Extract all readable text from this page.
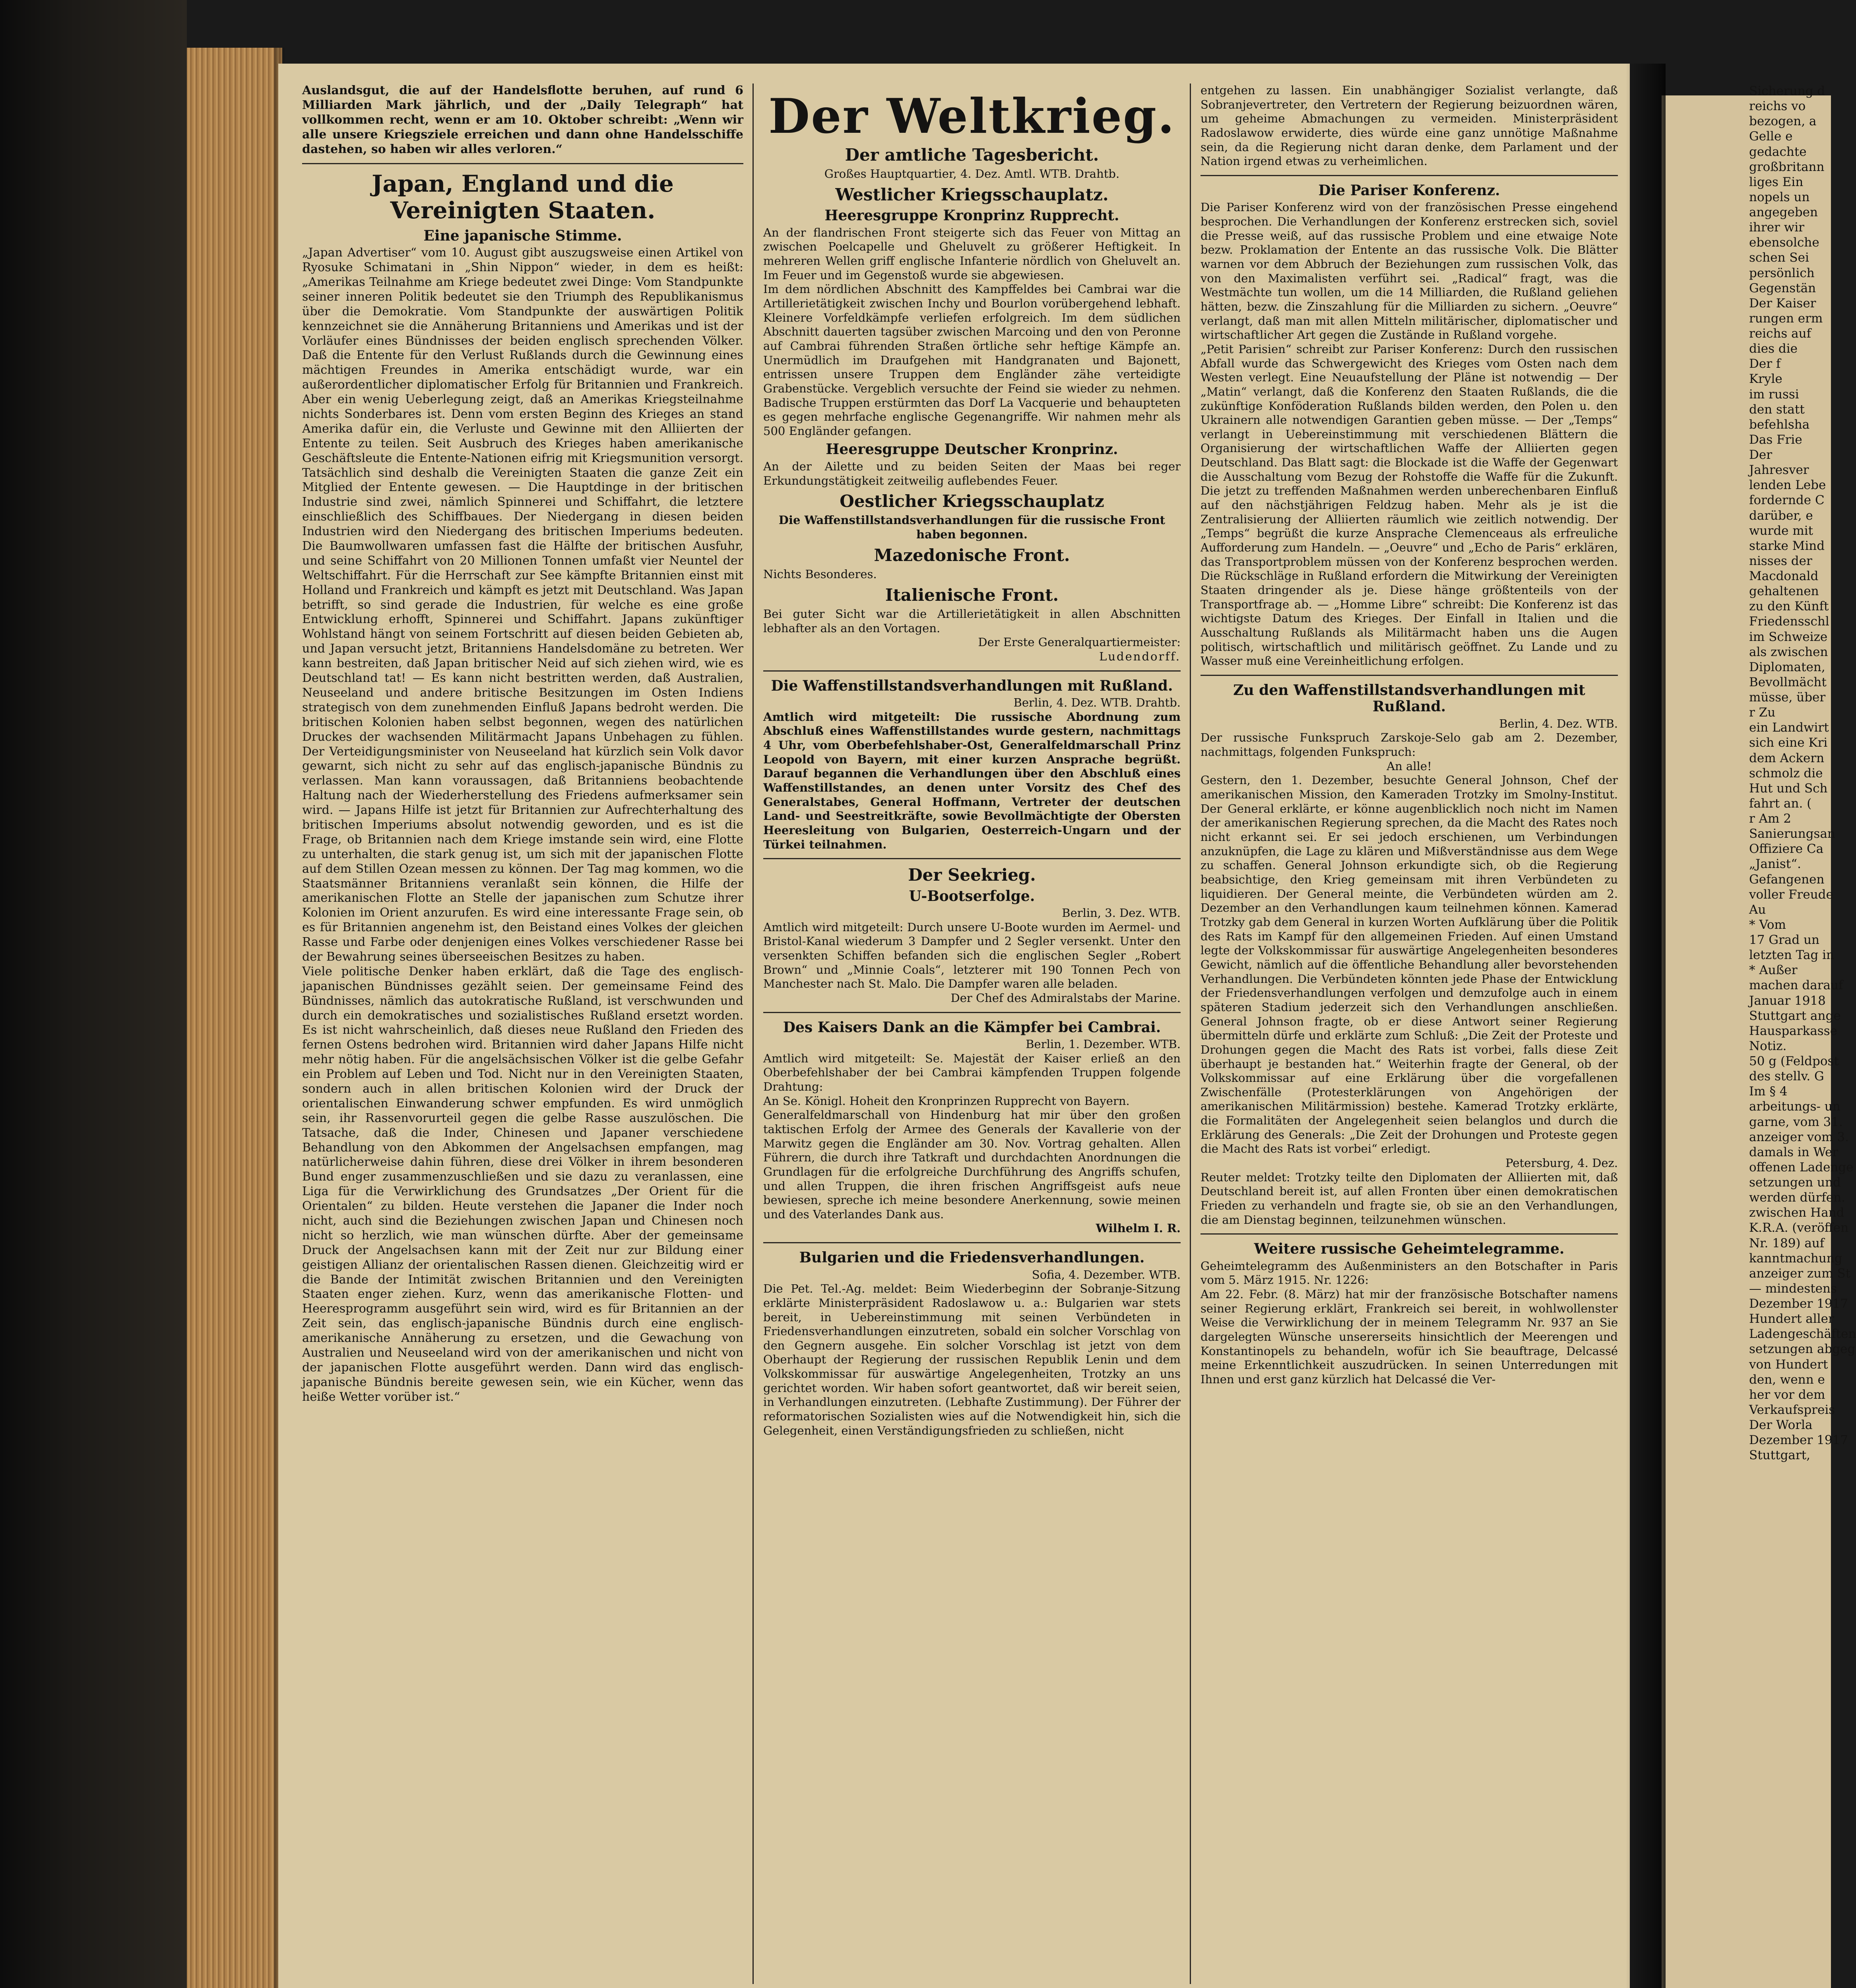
Auslandsgut, die auf der Handelsflotte beruhen, auf rund 6 Milliarden Mark jährlich, und der „Daily Telegraph“ hat vollkommen recht, wenn er am 10. Oktober schreibt: „Wenn wir alle unsere Kriegsziele erreichen und dann ohne Handelsschiffe dastehen, so haben wir alles verloren.“

Japan, England und die Vereinigten Staaten.
Eine japanische Stimme.

„Japan Advertiser“ vom 10. August gibt auszugsweise einen Artikel von Ryosuke Schimatani in „Shin Nippon“ wieder, in dem es heißt: „Amerikas Teilnahme am Kriege bedeutet zwei Dinge: Vom Standpunkte seiner inneren Politik bedeutet sie den Triumph des Republikanismus über die Demokratie. Vom Standpunkte der auswärtigen Politik kennzeichnet sie die Annäherung Britanniens und Amerikas und ist der Vorläufer eines Bündnisses der beiden englisch sprechenden Völker. Daß die Entente für den Verlust Rußlands durch die Gewinnung eines mächtigen Freundes in Amerika entschädigt wurde, war ein außerordentlicher diplomatischer Erfolg für Britannien und Frankreich. Aber ein wenig Ueberlegung zeigt, daß an Amerikas Kriegsteilnahme nichts Sonderbares ist. Denn vom ersten Beginn des Krieges an stand Amerika dafür ein, die Verluste und Gewinne mit den Alliierten der Entente zu teilen. Seit Ausbruch des Krieges haben amerikanische Geschäftsleute die Entente-Nationen eifrig mit Kriegsmunition versorgt. Tatsächlich sind deshalb die Vereinigten Staaten die ganze Zeit ein Mitglied der Entente gewesen. — Die Hauptdinge in der britischen Industrie sind zwei, nämlich Spinnerei und Schiffahrt, die letztere einschließlich des Schiffbaues. Der Niedergang in diesen beiden Industrien wird den Niedergang des britischen Imperiums bedeuten. Die Baumwollwaren umfassen fast die Hälfte der britischen Ausfuhr, und seine Schiffahrt von 20 Millionen Tonnen umfaßt vier Neuntel der Weltschiffahrt. Für die Herrschaft zur See kämpfte Britannien einst mit Holland und Frankreich und kämpft es jetzt mit Deutschland. Was Japan betrifft, so sind gerade die Industrien, für welche es eine große Entwicklung erhofft, Spinnerei und Schiffahrt. Japans zukünftiger Wohlstand hängt von seinem Fortschritt auf diesen beiden Gebieten ab, und Japan versucht jetzt, Britanniens Handelsdomäne zu betreten. Wer kann bestreiten, daß Japan britischer Neid auf sich ziehen wird, wie es Deutschland tat! — Es kann nicht bestritten werden, daß Australien, Neuseeland und andere britische Besitzungen im Osten Indiens strategisch von dem zunehmenden Einfluß Japans bedroht werden. Die britischen Kolonien haben selbst begonnen, wegen des natürlichen Druckes der wachsenden Militärmacht Japans Unbehagen zu fühlen. Der Verteidigungsminister von Neuseeland hat kürzlich sein Volk davor gewarnt, sich nicht zu sehr auf das englisch-japanische Bündnis zu verlassen. Man kann voraussagen, daß Britanniens beobachtende Haltung nach der Wiederherstellung des Friedens aufmerksamer sein wird. — Japans Hilfe ist jetzt für Britannien zur Aufrechterhaltung des britischen Imperiums absolut notwendig geworden, und es ist die Frage, ob Britannien nach dem Kriege imstande sein wird, eine Flotte zu unterhalten, die stark genug ist, um sich mit der japanischen Flotte auf dem Stillen Ozean messen zu können. Der Tag mag kommen, wo die Staatsmänner Britanniens veranlaßt sein können, die Hilfe der amerikanischen Flotte an Stelle der japanischen zum Schutze ihrer Kolonien im Orient anzurufen. Es wird eine interessante Frage sein, ob es für Britannien angenehm ist, den Beistand eines Volkes der gleichen Rasse und Farbe oder denjenigen eines Volkes verschiedener Rasse bei der Bewahrung seines überseeischen Besitzes zu haben.

Viele politische Denker haben erklärt, daß die Tage des englisch-japanischen Bündnisses gezählt seien. Der gemeinsame Feind des Bündnisses, nämlich das autokratische Rußland, ist verschwunden und durch ein demokratisches und sozialistisches Rußland ersetzt worden. Es ist nicht wahrscheinlich, daß dieses neue Rußland den Frieden des fernen Ostens bedrohen wird. Britannien wird daher Japans Hilfe nicht mehr nötig haben. Für die angelsächsischen Völker ist die gelbe Gefahr ein Problem auf Leben und Tod. Nicht nur in den Vereinigten Staaten, sondern auch in allen britischen Kolonien wird der Druck der orientalischen Einwanderung schwer empfunden. Es wird unmöglich sein, ihr Rassenvorurteil gegen die gelbe Rasse auszulöschen. Die Tatsache, daß die Inder, Chinesen und Japaner verschiedene Behandlung von den Abkommen der Angelsachsen empfangen, mag natürlicherweise dahin führen, diese drei Völker in ihrem besonderen Bund enger zusammenzuschließen und sie dazu zu veranlassen, eine Liga für die Verwirklichung des Grundsatzes „Der Orient für die Orientalen“ zu bilden. Heute verstehen die Japaner die Inder noch nicht, auch sind die Beziehungen zwischen Japan und Chinesen noch nicht so herzlich, wie man wünschen dürfte. Aber der gemeinsame Druck der Angelsachsen kann mit der Zeit nur zur Bildung einer geistigen Allianz der orientalischen Rassen dienen. Gleichzeitig wird er die Bande der Intimität zwischen Britannien und den Vereinigten Staaten enger ziehen. Kurz, wenn das amerikanische Flotten- und Heeresprogramm ausgeführt sein wird, wird es für Britannien an der Zeit sein, das englisch-japanische Bündnis durch eine englisch-amerikanische Annäherung zu ersetzen, und die Gewachung von Australien und Neuseeland wird von der amerikanischen und nicht von der japanischen Flotte ausgeführt werden. Dann wird das englisch-japanische Bündnis bereite gewesen sein, wie ein Kücher, wenn das heiße Wetter vorüber ist.“

Der Weltkrieg.
Der amtliche Tagesbericht.

Großes Hauptquartier, 4. Dez. Amtl. WTB. Drahtb.

Westlicher Kriegsschauplatz.
Heeresgruppe Kronprinz Rupprecht.

An der flandrischen Front steigerte sich das Feuer von Mittag an zwischen Poelcapelle und Gheluvelt zu größerer Heftigkeit. In mehreren Wellen griff englische Infanterie nördlich von Gheluvelt an. Im Feuer und im Gegenstoß wurde sie abgewiesen.

Im dem nördlichen Abschnitt des Kampffeldes bei Cambrai war die Artillerietätigkeit zwischen Inchy und Bourlon vorübergehend lebhaft. Kleinere Vorfeldkämpfe verliefen erfolgreich. Im dem südlichen Abschnitt dauerten tagsüber zwischen Marcoing und den von Peronne auf Cambrai führenden Straßen örtliche sehr heftige Kämpfe an. Unermüdlich im Draufgehen mit Handgranaten und Bajonett, entrissen unsere Truppen dem Engländer zähe verteidigte Grabenstücke. Vergeblich versuchte der Feind sie wieder zu nehmen. Badische Truppen erstürmten das Dorf La Vacquerie und behaupteten es gegen mehrfache englische Gegenangriffe. Wir nahmen mehr als 500 Engländer gefangen.

Heeresgruppe Deutscher Kronprinz.

An der Ailette und zu beiden Seiten der Maas bei reger Erkundungstätigkeit zeitweilig auflebendes Feuer.

Oestlicher Kriegsschauplatz

Die Waffenstillstandsverhandlungen für die russische Front haben begonnen.

Mazedonische Front.

Nichts Besonderes.

Italienische Front.

Bei guter Sicht war die Artillerietätigkeit in allen Abschnitten lebhafter als an den Vortagen.

Der Erste Generalquartiermeister:

Ludendorff.

Die Waffenstillstandsverhandlungen mit Rußland.

Berlin, 4. Dez. WTB. Drahtb.

Amtlich wird mitgeteilt: Die russische Abordnung zum Abschluß eines Waffenstillstandes wurde gestern, nachmittags 4 Uhr, vom Oberbefehlshaber-Ost, Generalfeldmarschall Prinz Leopold von Bayern, mit einer kurzen Ansprache begrüßt. Darauf begannen die Verhandlungen über den Abschluß eines Waffenstillstandes, an denen unter Vorsitz des Chef des Generalstabes, General Hoffmann, Vertreter der deutschen Land- und Seestreitkräfte, sowie Bevollmächtigte der Obersten Heeresleitung von Bulgarien, Oesterreich-Ungarn und der Türkei teilnahmen.

Der Seekrieg.
U-Bootserfolge.

Berlin, 3. Dez. WTB.

Amtlich wird mitgeteilt: Durch unsere U-Boote wurden im Aermel- und Bristol-Kanal wiederum 3 Dampfer und 2 Segler versenkt. Unter den versenkten Schiffen befanden sich die englischen Segler „Robert Brown“ und „Minnie Coals“, letzterer mit 190 Tonnen Pech von Manchester nach St. Malo. Die Dampfer waren alle beladen.

Der Chef des Admiralstabs der Marine.

Des Kaisers Dank an die Kämpfer bei Cambrai.

Berlin, 1. Dezember. WTB.

Amtlich wird mitgeteilt: Se. Majestät der Kaiser erließ an den Oberbefehlshaber der bei Cambrai kämpfenden Truppen folgende Drahtung:

An Se. Königl. Hoheit den Kronprinzen Rupprecht von Bayern.

Generalfeldmarschall von Hindenburg hat mir über den großen taktischen Erfolg der Armee des Generals der Kavallerie von der Marwitz gegen die Engländer am 30. Nov. Vortrag gehalten. Allen Führern, die durch ihre Tatkraft und durchdachten Anordnungen die Grundlagen für die erfolgreiche Durchführung des Angriffs schufen, und allen Truppen, die ihren frischen Angriffsgeist aufs neue bewiesen, spreche ich meine besondere Anerkennung, sowie meinen und des Vaterlandes Dank aus.

Wilhelm I. R.

Bulgarien und die Friedensverhandlungen.

Sofia, 4. Dezember. WTB.

Die Pet. Tel.-Ag. meldet: Beim Wiederbeginn der Sobranje-Sitzung erklärte Ministerpräsident Radoslawow u. a.: Bulgarien war stets bereit, in Uebereinstimmung mit seinen Verbündeten in Friedensverhandlungen einzutreten, sobald ein solcher Vorschlag von den Gegnern ausgehe. Ein solcher Vorschlag ist jetzt von dem Oberhaupt der Regierung der russischen Republik Lenin und dem Volkskommissar für auswärtige Angelegenheiten, Trotzky an uns gerichtet worden. Wir haben sofort geantwortet, daß wir bereit seien, in Verhandlungen einzutreten. (Lebhafte Zustimmung). Der Führer der reformatorischen Sozialisten wies auf die Notwendigkeit hin, sich die Gelegenheit, einen Verständigungsfrieden zu schließen, nicht

entgehen zu lassen. Ein unabhängiger Sozialist verlangte, daß Sobranjevertreter, den Vertretern der Regierung beizuordnen wären, um geheime Abmachungen zu vermeiden. Ministerpräsident Radoslawow erwiderte, dies würde eine ganz unnötige Maßnahme sein, da die Regierung nicht daran denke, dem Parlament und der Nation irgend etwas zu verheimlichen.

Die Pariser Konferenz.

Die Pariser Konferenz wird von der französischen Presse eingehend besprochen. Die Verhandlungen der Konferenz erstrecken sich, soviel die Presse weiß, auf das russische Problem und eine etwaige Note bezw. Proklamation der Entente an das russische Volk. Die Blätter warnen vor dem Abbruch der Beziehungen zum russischen Volk, das von den Maximalisten verführt sei. „Radical“ fragt, was die Westmächte tun wollen, um die 14 Milliarden, die Rußland geliehen hätten, bezw. die Zinszahlung für die Milliarden zu sichern. „Oeuvre“ verlangt, daß man mit allen Mitteln militärischer, diplomatischer und wirtschaftlicher Art gegen die Zustände in Rußland vorgehe.

„Petit Parisien“ schreibt zur Pariser Konferenz: Durch den russischen Abfall wurde das Schwergewicht des Krieges vom Osten nach dem Westen verlegt. Eine Neuaufstellung der Pläne ist notwendig — Der „Matin“ verlangt, daß die Konferenz den Staaten Rußlands, die die zukünftige Konföderation Rußlands bilden werden, den Polen u. den Ukrainern alle notwendigen Garantien geben müsse. — Der „Temps“ verlangt in Uebereinstimmung mit verschiedenen Blättern die Organisierung der wirtschaftlichen Waffe der Alliierten gegen Deutschland. Das Blatt sagt: die Blockade ist die Waffe der Gegenwart die Ausschaltung vom Bezug der Rohstoffe die Waffe für die Zukunft. Die jetzt zu treffenden Maßnahmen werden unberechenbaren Einfluß auf den nächstjährigen Feldzug haben. Mehr als je ist die Zentralisierung der Alliierten räumlich wie zeitlich notwendig. Der „Temps“ begrüßt die kurze Ansprache Clemenceaus als erfreuliche Aufforderung zum Handeln. — „Oeuvre“ und „Echo de Paris“ erklären, das Transportproblem müssen von der Konferenz besprochen werden. Die Rückschläge in Rußland erfordern die Mitwirkung der Vereinigten Staaten dringender als je. Diese hänge größtenteils von der Transportfrage ab. — „Homme Libre“ schreibt: Die Konferenz ist das wichtigste Datum des Krieges. Der Einfall in Italien und die Ausschaltung Rußlands als Militärmacht haben uns die Augen politisch, wirtschaftlich und militärisch geöffnet. Zu Lande und zu Wasser muß eine Vereinheitlichung erfolgen.

Zu den Waffenstillstandsverhandlungen mit Rußland.

Berlin, 4. Dez. WTB.

Der russische Funkspruch Zarskoje-Selo gab am 2. Dezember, nachmittags, folgenden Funkspruch:

An alle!

Gestern, den 1. Dezember, besuchte General Johnson, Chef der amerikanischen Mission, den Kameraden Trotzky im Smolny-Institut. Der General erklärte, er könne augenblicklich noch nicht im Namen der amerikanischen Regierung sprechen, da die Macht des Rates noch nicht erkannt sei. Er sei jedoch erschienen, um Verbindungen anzuknüpfen, die Lage zu klären und Mißverständnisse aus dem Wege zu schaffen. General Johnson erkundigte sich, ob die Regierung beabsichtige, den Krieg gemeinsam mit ihren Verbündeten zu liquidieren. Der General meinte, die Verbündeten würden am 2. Dezember an den Verhandlungen kaum teilnehmen können. Kamerad Trotzky gab dem General in kurzen Worten Aufklärung über die Politik des Rats im Kampf für den allgemeinen Frieden. Auf einen Umstand legte der Volkskommissar für auswärtige Angelegenheiten besonderes Gewicht, nämlich auf die öffentliche Behandlung aller bevorstehenden Verhandlungen. Die Verbündeten könnten jede Phase der Entwicklung der Friedensverhandlungen verfolgen und demzufolge auch in einem späteren Stadium jederzeit sich den Verhandlungen anschließen. General Johnson fragte, ob er diese Antwort seiner Regierung übermitteln dürfe und erklärte zum Schluß: „Die Zeit der Proteste und Drohungen gegen die Macht des Rats ist vorbei, falls diese Zeit überhaupt je bestanden hat.“ Weiterhin fragte der General, ob der Volkskommissar auf eine Erklärung über die vorgefallenen Zwischenfälle (Protesterklärungen von Angehörigen der amerikanischen Militärmission) bestehe. Kamerad Trotzky erklärte, die Formalitäten der Angelegenheit seien belanglos und durch die Erklärung des Generals: „Die Zeit der Drohungen und Proteste gegen die Macht des Rats ist vorbei“ erledigt.

Petersburg, 4. Dez.

Reuter meldet: Trotzky teilte den Diplomaten der Alliierten mit, daß Deutschland bereit ist, auf allen Fronten über einen demokratischen Frieden zu verhandeln und fragte sie, ob sie an den Verhandlungen, die am Dienstag beginnen, teilzunehmen wünschen.

Weitere russische Geheimtelegramme.

Geheimtelegramm des Außenministers an den Botschafter in Paris vom 5. März 1915. Nr. 1226:

Am 22. Febr. (8. März) hat mir der französische Botschafter namens seiner Regierung erklärt, Frankreich sei bereit, in wohlwollenster Weise die Verwirklichung der in meinem Telegramm Nr. 937 an Sie dargelegten Wünsche unsererseits hinsichtlich der Meerengen und Konstantinopels zu behandeln, wofür ich Sie beauftrage, Delcassé meine Erkenntlichkeit auszudrücken. In seinen Unterredungen mit Ihnen und erst ganz kürzlich hat Delcassé die Ver-

Sicherung d

reichs vo

bezogen, a

Gelle e

gedachte

großbritann

liges Ein

nopels un

angegeben

ihrer wir

ebensolche

schen Sei

persönlich

Gegenstän

Der Kaiser

rungen erm

reichs auf

dies die

Der f

Kryle

im russi

den statt

befehlsha

Das Frie

Der

Jahresver

lenden Lebe

fordernde C

darüber, e

wurde mit

starke Mind

nisses der

Macdonald

gehaltenen

zu den Künft

Friedensschl

im Schweize

als zwischen

Diplomaten,

Bevollmächt

müsse, über

r Zu

ein Landwirt

sich eine Kri

dem Ackern

schmolz die

Hut und Sch

fahrt an. (

r Am 2

Sanierungsan

Offiziere Ca

„Janist“.

Gefangenen

voller Freude

Au

* Vom

17 Grad un

letzten Tag in

* Außer

machen darauf

Januar 1918

Stuttgart ange

Hausparkasse

Notiz.

50 g (Feldpost

des stellv. G

Im § 4

arbeitungs- un

garne, vom 31.

anzeiger vom 3.

damals in Wer

offenen Ladenge

setzungen und

werden dürfen.

zwischen Hand

K.R.A. (veröffen

Nr. 189) auf

kanntmachung

anzeiger zum St

— mindestens

Dezember 1917

Hundert aller

Ladengeschäften

setzungen abgeg

von Hundert

den, wenn e

her vor dem

Verkaufspreis

Der Worla

Dezember 1917

Stuttgart,
